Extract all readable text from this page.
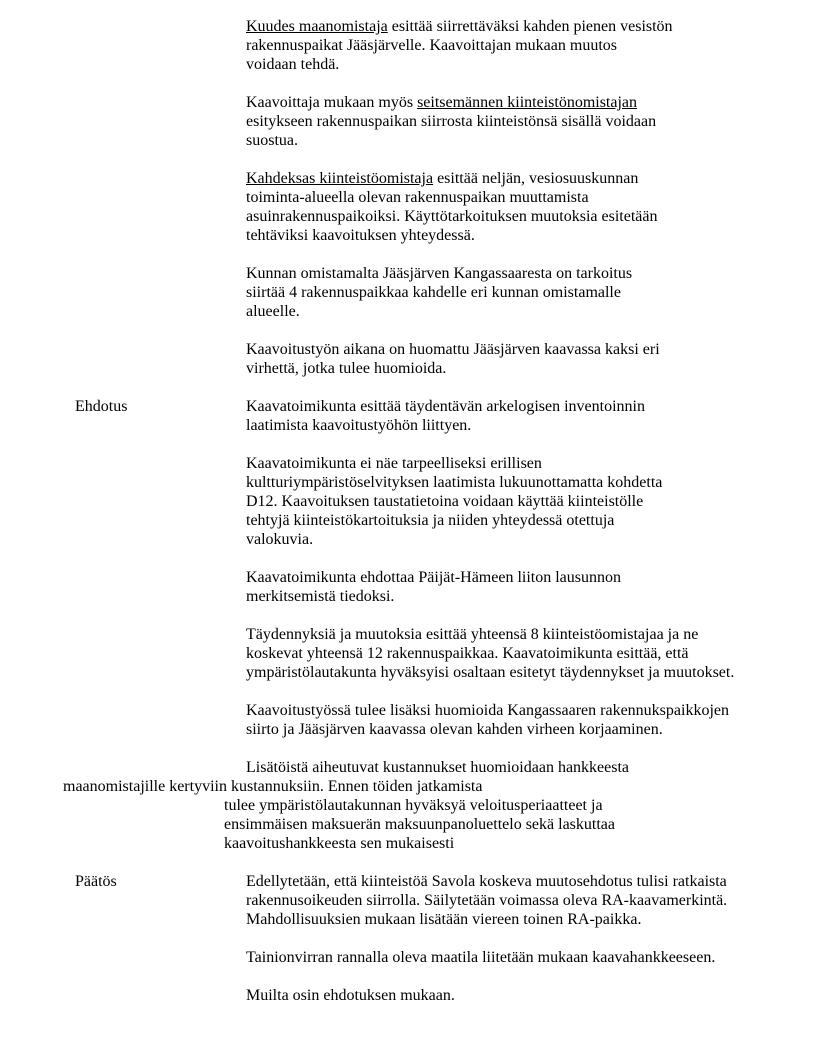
Kuudes maanomistaja esittää siirrettäväksi kahden pienen vesistön
rakennuspaikat Jääsjärvelle. Kaavoittajan mukaan muutos
voidaan tehdä.
Kaavoittaja mukaan myös seitsemännen kiinteistönomistajan
esitykseen rakennuspaikan siirrosta kiinteistönsä sisällä voidaan
suostua.
Kahdeksas kiinteistöomistaja esittää neljän, vesiosuuskunnan
toiminta-alueella olevan rakennuspaikan muuttamista
asuinrakennuspaikoiksi. Käyttötarkoituksen muutoksia esitetään
tehtäviksi kaavoituksen yhteydessä.
Kunnan omistamalta Jääsjärven Kangassaaresta on tarkoitus
siirtää 4 rakennuspaikkaa kahdelle eri kunnan omistamalle
alueelle.
Kaavoitustyön aikana on huomattu Jääsjärven kaavassa kaksi eri
virhettä, jotka tulee huomioida.
Ehdotus	Kaavatoimikunta esittää täydentävän arkelogisen inventoinnin
laatimista kaavoitustyöhön liittyen.
Kaavatoimikunta ei näe tarpeelliseksi erillisen
kultturiympäristöselvityksen laatimista lukuunottamatta kohdetta
D12. Kaavoituksen taustatietoina voidaan käyttää kiinteistölle
tehtyjä kiinteistökartoituksia ja niiden yhteydessä otettuja
valokuvia.
Kaavatoimikunta ehdottaa Päijät-Hämeen liiton lausunnon
merkitsemistä tiedoksi.
Täydennyksiä ja muutoksia esittää yhteensä 8 kiinteistöomistajaa ja ne
koskevat yhteensä 12 rakennuspaikkaa. Kaavatoimikunta esittää, että
ympäristölautakunta hyväksyisi osaltaan esitetyt täydennykset ja muutokset.
Kaavoitustyössä tulee lisäksi huomioida Kangassaaren rakennukspaikkojen
siirto ja Jääsjärven kaavassa olevan kahden virheen korjaaminen.
Lisätöistä aiheutuvat kustannukset huomioidaan hankkeesta
maanomistajille kertyviin kustannuksiin. Ennen töiden jatkamista
tulee ympäristölautakunnan hyväksyä veloitusperiaatteet ja
ensimmäisen maksuerän maksuunpanoluettelo sekä laskuttaa
kaavoitushankkeesta sen mukaisesti
Päätös	Edellytetään, että kiinteistöä Savola koskeva muutosehdotus tulisi ratkaista
rakennusoikeuden siirrolla. Säilytetään voimassa oleva RA-kaavamerkintä.
Mahdollisuuksien mukaan lisätään viereen toinen RA-paikka.
Tainionvirran rannalla oleva maatila liitetään mukaan kaavahankkeeseen.
Muilta osin ehdotuksen mukaan.
